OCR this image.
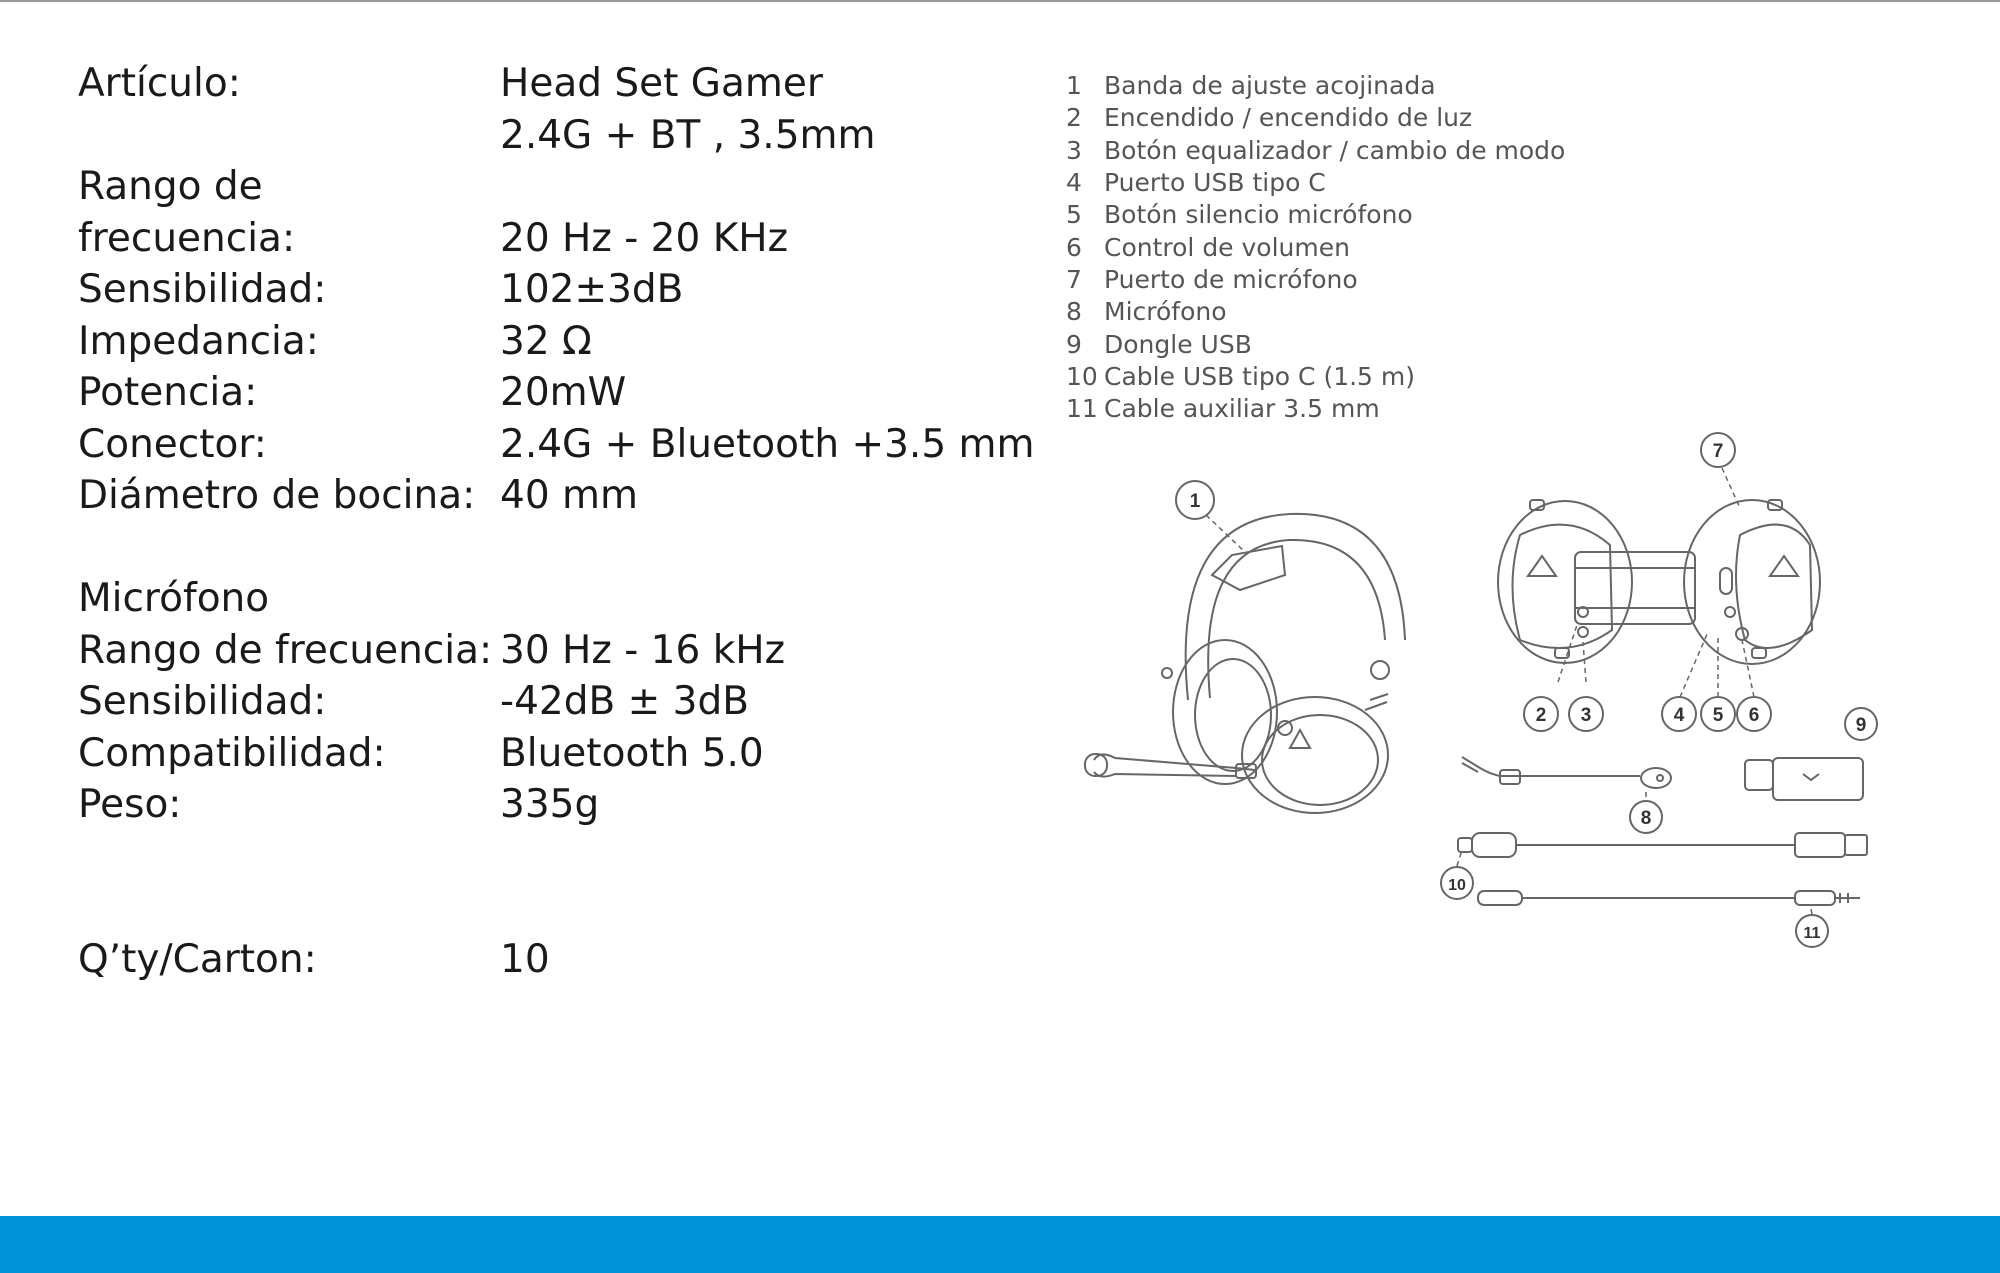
Artículo:	Head Set Gamer
2.4G + BT , 3.5mm
Rango de
frecuencia:	20 Hz - 20 KHz
Sensibilidad:	102±3dB
Impedancia:	32 Ω
Potencia:	20mW
Conector:	2.4G + Bluetooth +3.5 mm
Diámetro de bocina: 40 mm
Micrófono
Rango de frecuencia: 30 Hz - 16 kHz
Sensibilidad:	-42dB ± 3dB
Compatibilidad:	Bluetooth 5.0
Peso:	335g
Q’ty/Carton:	10
1 Banda de ajuste acojinada
2 Encendido / encendido de luz
3 Botón equalizador / cambio de modo
4 Puerto USB tipo C
5 Botón silencio micrófono
6 Control de volumen
7 Puerto de micrófono
8 Micrófono
9 Dongle USB
10 Cable USB tipo C (1.5 m)
11 Cable auxiliar 3.5 mm
1
2 3	4 5 6
7
8
9
10
11
